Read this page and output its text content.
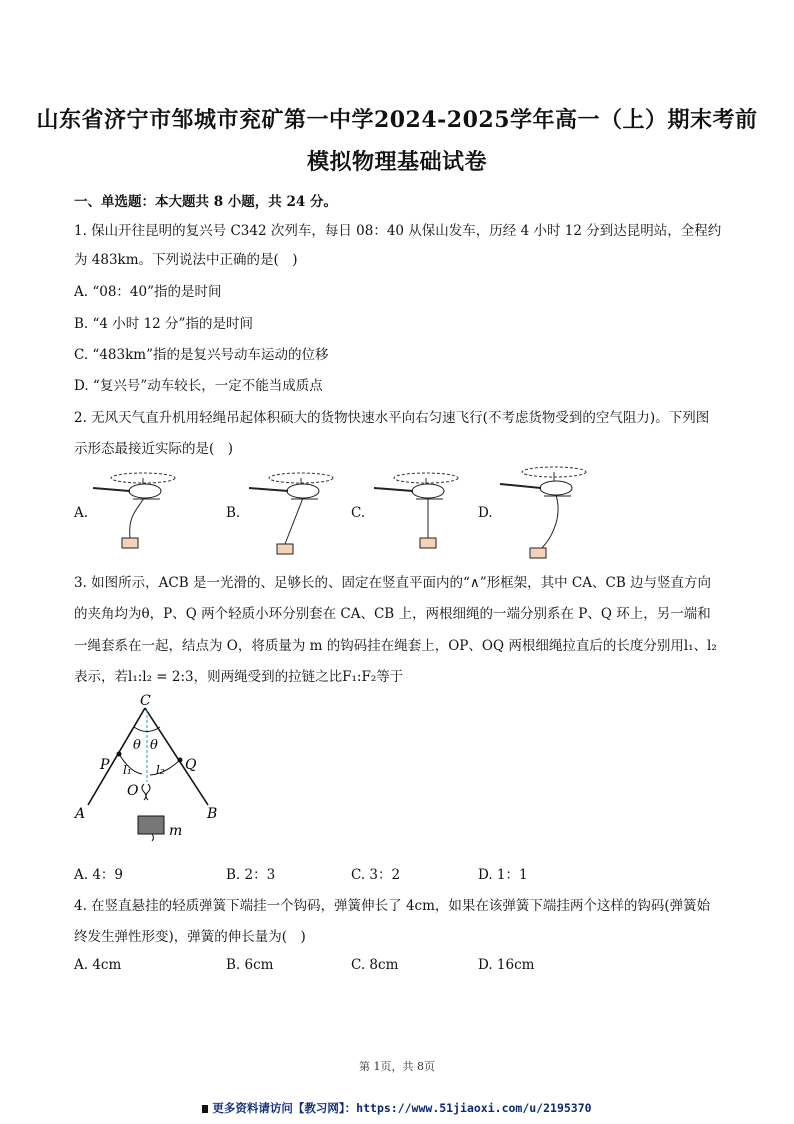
山东省济宁市邹城市兖矿第一中学2024-2025学年高一（上）期末考前
模拟物理基础试卷
一、单选题：本大题共 8 小题，共 24 分。
1. 保山开往昆明的复兴号 C342 次列车，每日 08：40 从保山发车，历经 4 小时 12 分到达昆明站，全程约
为 483km。下列说法中正确的是(　)
A. “08：40”指的是时间
B. “4 小时 12 分”指的是时间
C. “483km”指的是复兴号动车运动的位移
D. “复兴号”动车较长，一定不能当成质点
2. 无风天气直升机用轻绳吊起体积硕大的货物快速水平向右匀速飞行(不考虑货物受到的空气阻力)。下列图
示形态最接近实际的是(　)
A.	B.	C.	D.
3. 如图所示，ACB 是一光滑的、足够长的、固定在竖直平面内的“∧”形框架，其中 CA、CB 边与竖直方向
的夹角均为θ，P、Q 两个轻质小环分别套在 CA、CB 上，两根细绳的一端分别系在 P、Q 环上，另一端和
一绳套系在一起，结点为 O，将质量为 m 的钩码挂在绳套上，OP、OQ 两根细绳拉直后的长度分别用l₁、l₂
表示，若l₁:l₂ = 2:3，则两绳受到的拉链之比F₁:F₂等于
C
θ θ
P	Q
l₁ l₂
O
A	B
m
A. 4：9	B. 2：3	C. 3：2	D. 1：1
4. 在竖直悬挂的轻质弹簧下端挂一个钩码，弹簧伸长了 4cm，如果在该弹簧下端挂两个这样的钩码(弹簧始
终发生弹性形变)，弹簧的伸长量为(　)
A. 4cm	B. 6cm	C. 8cm	D. 16cm
第 1页，共 8页
更多资料请访问【教习网】：https://www.51jiaoxi.com/u/2195370
